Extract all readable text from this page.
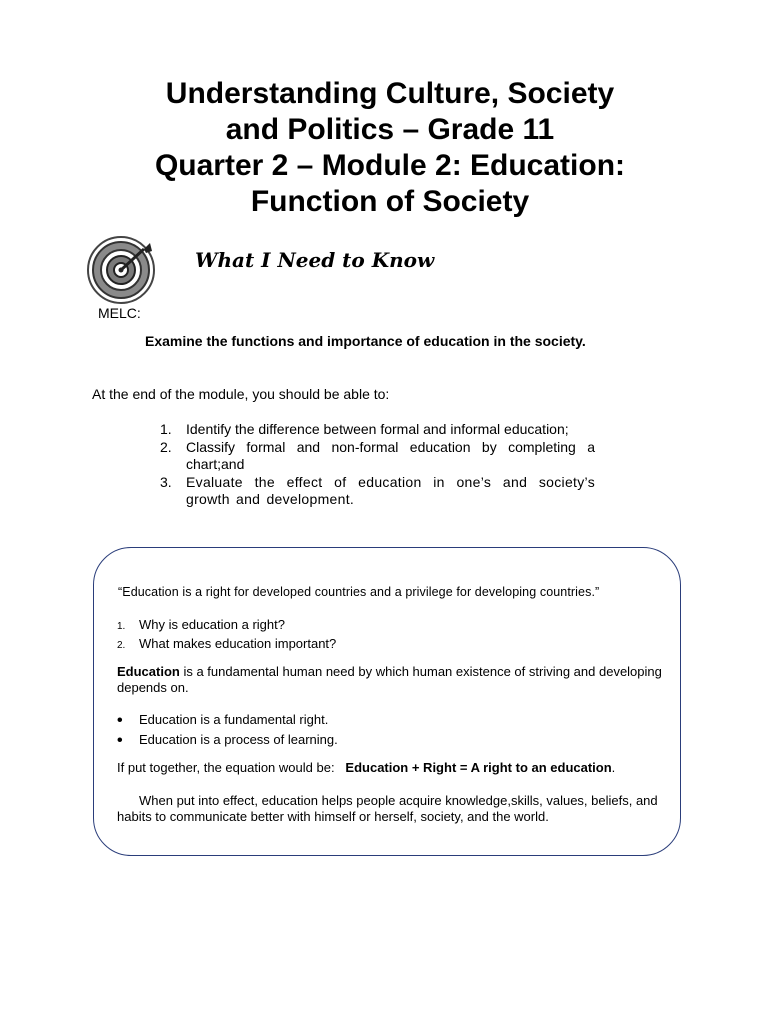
Understanding Culture, Society
and Politics – Grade 11
Quarter 2 – Module 2: Education:
Function of Society
What I Need to Know
MELC:
Examine the functions and importance of education in the society.
At the end of the module, you should be able to:
1.	Identify the difference between formal and informal education;
2.	Classify formal and non-formal education by completing a chart;and
3.	Evaluate the effect of education in one’s and society’s growth and development.
“Education is a right for developed countries and a privilege for developing countries.”
1.	Why is education a right?
2.	What makes education important?
Education is a fundamental human need by which human existence of striving and developing depends on.
•	Education is a fundamental right.
•	Education is a process of learning.
If put together, the equation would be: Education + Right = A right to an education.
When put into effect, education helps people acquire knowledge,skills, values, beliefs, and habits to communicate better with himself or herself, society, and the world.
